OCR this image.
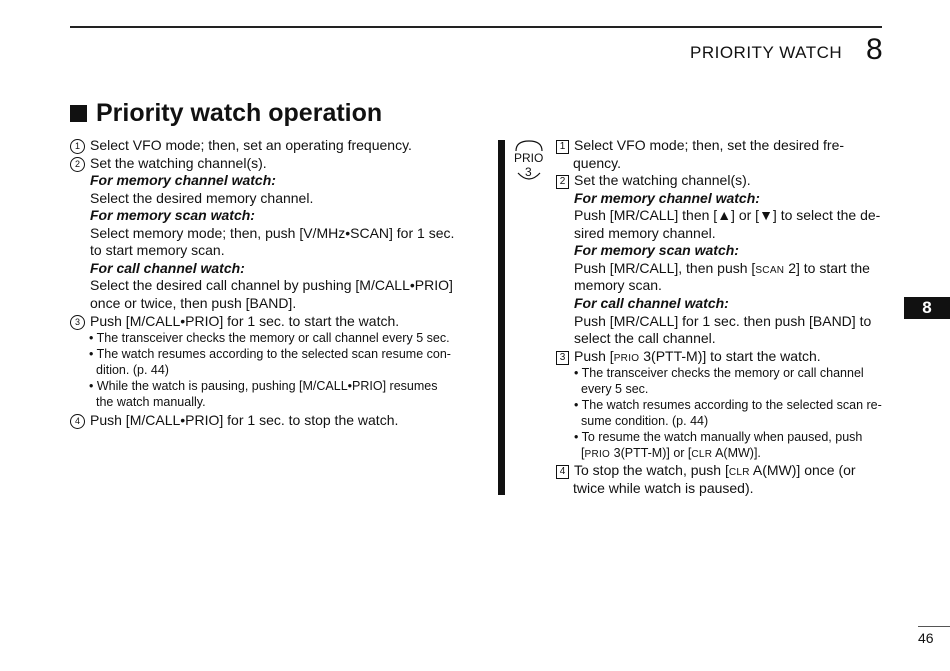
PRIORITY WATCH 8
Priority watch operation
1 Select VFO mode; then, set an operating frequency.
2 Set the watching channel(s).
For memory channel watch:
Select the desired memory channel.
For memory scan watch:
Select memory mode; then, push [V/MHz•SCAN] for 1 sec.
to start memory scan.
For call channel watch:
Select the desired call channel by pushing [M/CALL•PRIO]
once or twice, then push [BAND].
3 Push [M/CALL•PRIO] for 1 sec. to start the watch.
• The transceiver checks the memory or call channel every 5 sec.
• The watch resumes according to the selected scan resume con-
dition. (p. 44)
• While the watch is pausing, pushing [M/CALL•PRIO] resumes
the watch manually.
4 Push [M/CALL•PRIO] for 1 sec. to stop the watch.
PRIO
3
1 Select VFO mode; then, set the desired fre-
quency.
2 Set the watching channel(s).
For memory channel watch:
Push [MR/CALL] then [▲] or [▼] to select the de-
sired memory channel.
For memory scan watch:
Push [MR/CALL], then push [SCAN 2] to start the
memory scan.
For call channel watch:
Push [MR/CALL] for 1 sec. then push [BAND] to
select the call channel.
3 Push [PRIO 3(PTT-M)] to start the watch.
• The transceiver checks the memory or call channel
every 5 sec.
• The watch resumes according to the selected scan re-
sume condition. (p. 44)
• To resume the watch manually when paused, push
[PRIO 3(PTT-M)] or [CLR A(MW)].
4 To stop the watch, push [CLR A(MW)] once (or
twice while watch is paused).
8
46
